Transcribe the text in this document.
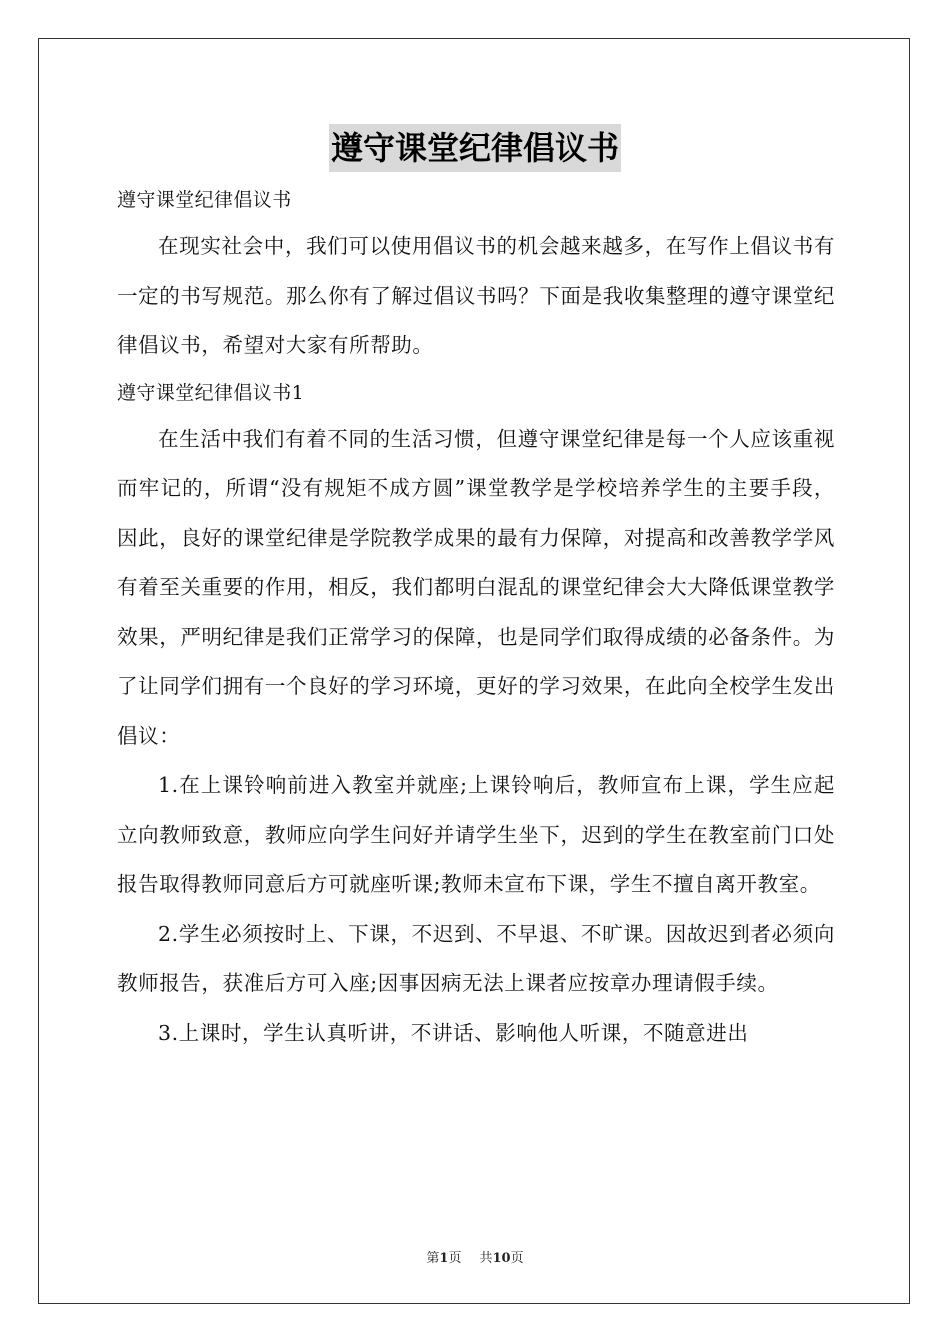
遵守课堂纪律倡议书

遵守课堂纪律倡议书

在现实社会中，我们可以使用倡议书的机会越来越多，在写作上倡议书有一定的书写规范。那么你有了解过倡议书吗？下面是我收集整理的遵守课堂纪律倡议书，希望对大家有所帮助。

遵守课堂纪律倡议书1

在生活中我们有着不同的生活习惯，但遵守课堂纪律是每一个人应该重视而牢记的，所谓“没有规矩不成方圆”课堂教学是学校培养学生的主要手段，因此，良好的课堂纪律是学院教学成果的最有力保障，对提高和改善教学学风有着至关重要的作用，相反，我们都明白混乱的课堂纪律会大大降低课堂教学效果，严明纪律是我们正常学习的保障，也是同学们取得成绩的必备条件。为了让同学们拥有一个良好的学习环境，更好的学习效果，在此向全校学生发出倡议：

1.在上课铃响前进入教室并就座;上课铃响后，教师宣布上课，学生应起立向教师致意，教师应向学生问好并请学生坐下，迟到的学生在教室前门口处报告取得教师同意后方可就座听课;教师未宣布下课，学生不擅自离开教室。

2.学生必须按时上、下课，不迟到、不早退、不旷课。因故迟到者必须向教师报告，获准后方可入座;因事因病无法上课者应按章办理请假手续。

3.上课时，学生认真听讲，不讲话、影响他人听课，不随意进出

第1页 共10页
